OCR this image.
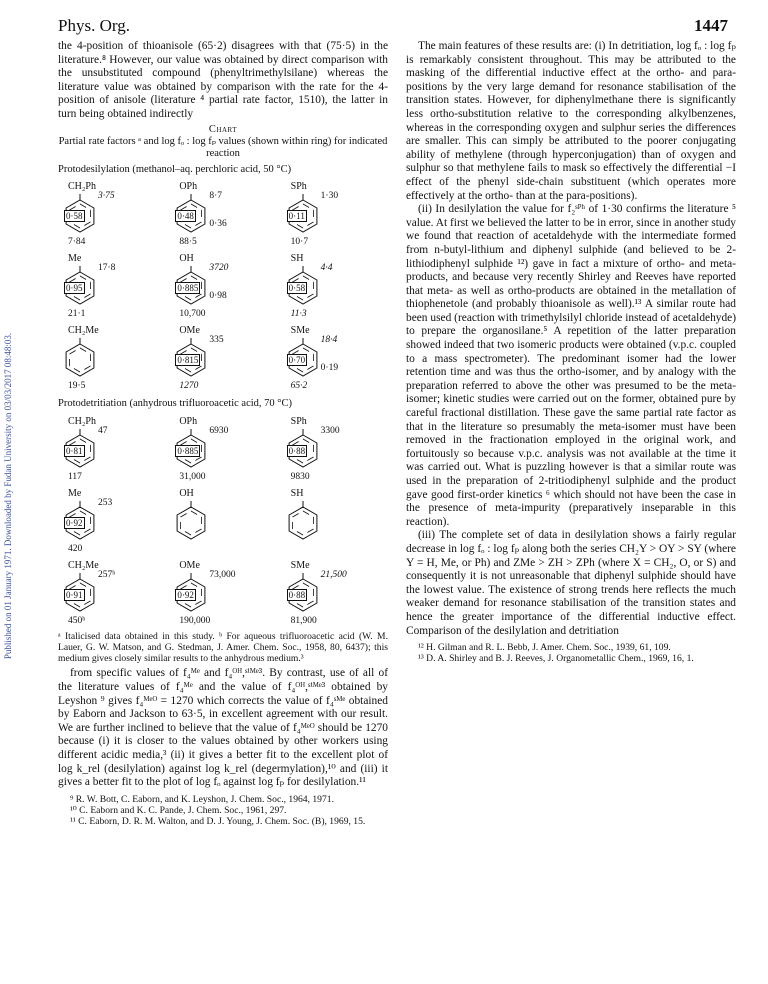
Phys. Org.	1447
Published on 01 January 1971. Downloaded by Fudan University on 03/03/2017 08:48:03.

the 4-position of thioanisole (65·2) disagrees with that (75·5) in the literature.⁸ However, our value was obtained by direct comparison with the unsubstituted compound (phenyltrimethylsilane) whereas the literature value was obtained by comparison with the rate for the 4-position of anisole (literature ⁴ partial rate factor, 1510), the latter in turn being obtained indirectly

Chart
Partial rate factors ᵃ and log fₒ : log fₚ values (shown within ring) for indicated reaction
Protodesilylation (methanol–aq. perchloric acid, 50 °C)
CH₂Ph
3·75
0·58
7·84
OPh
8·7
0·48
0·36
88·5
SPh
1·30
0·11
10·7
Me
17·8
0·95
21·1
OH
3720
0·885
0·98
10,700
SH
4·4
0·58
11·3
CH₂Me
19·5
OMe
335
0·815
1270
SMe
18·4
0·70
0·19
65·2
Protodetritiation (anhydrous trifluoroacetic acid, 70 °C)
CH₂Ph
47
0·81
117
OPh
6930
0·885
31,000
SPh
3300
0·88
9830
Me
253
0·92
420
OH	SH
CH₂Me
257ᵇ
0·91
450ᵇ
OMe
73,000
0·92
190,000
SMe
21,500
0·88
81,900
ᵃ Italicised data obtained in this study. ᵇ For aqueous trifluoroacetic acid (W. M. Lauer, G. W. Matson, and G. Stedman, J. Amer. Chem. Soc., 1958, 80, 6437); this medium gives closely similar results to the anhydrous medium.³

from specific values of f₄ᴹᵉ and f₄ᴼᴴ,ˢⁱᴹᵉ³. By contrast, use of all of the literature values of f₄ᴹᵉ and the value of f₄ᴼᴴ,ˢⁱᴹᵉ³ obtained by Leyshon ⁹ gives f₄ᴹᵉᴼ = 1270 which corrects the value of f₄ˢᴹᵉ obtained by Eaborn and Jackson to 63·5, in excellent agreement with our result. We are further inclined to believe that the value of f₄ᴹᵉᴼ should be 1270 because (i) it is closer to the values obtained by other workers using different acidic media,³ (ii) it gives a better fit to the excellent plot of log k_rel (desilylation) against log k_rel (degermylation),¹⁰ and (iii) it gives a better fit to the plot of log fₒ against log fₚ for desilylation.¹¹

⁹ R. W. Bott, C. Eaborn, and K. Leyshon, J. Chem. Soc., 1964, 1971.

¹⁰ C. Eaborn and K. C. Pande, J. Chem. Soc., 1961, 297.

¹¹ C. Eaborn, D. R. M. Walton, and D. J. Young, J. Chem. Soc. (B), 1969, 15.

The main features of these results are: (i) In detritiation, log fₒ : log fₚ is remarkably consistent throughout. This may be attributed to the masking of the differential inductive effect at the ortho- and para-positions by the very large demand for resonance stabilisation of the transition states. However, for diphenylmethane there is significantly less ortho-substitution relative to the corresponding alkylbenzenes, whereas in the corresponding oxygen and sulphur series the differences are smaller. This can simply be attributed to the poorer conjugating ability of methylene (through hyperconjugation) than of oxygen and sulphur so that methylene fails to mask so effectively the differential −I effect of the phenyl side-chain substituent (which operates more effectively at the ortho- than at the para-positions).

(ii) In desilylation the value for f₂ˢᴾʰ of 1·30 confirms the literature ⁵ value. At first we believed the latter to be in error, since in another study we found that reaction of acetaldehyde with the intermediate formed from n-butyl-lithium and diphenyl sulphide (and believed to be 2-lithiodiphenyl sulphide ¹²) gave in fact a mixture of ortho- and meta-products, and because very recently Shirley and Reeves have reported that meta- as well as ortho-products are obtained in the metallation of thiophenetole (and probably thioanisole as well).¹³ A similar route had been used (reaction with trimethylsilyl chloride instead of acetaldehyde) to prepare the organosilane.⁵ A repetition of the latter preparation showed indeed that two isomeric products were obtained (v.p.c. coupled to a mass spectrometer). The predominant isomer had the lower retention time and was thus the ortho-isomer, and by analogy with the preparation referred to above the other was presumed to be the meta-isomer; kinetic studies were carried out on the former, obtained pure by careful fractional distillation. These gave the same partial rate factor as that in the literature so presumably the meta-isomer must have been removed in the fractionation employed in the original work, and fortuitously so because v.p.c. analysis was not available at the time it was carried out. What is puzzling however is that a similar route was used in the preparation of 2-tritiodiphenyl sulphide and the product gave good first-order kinetics ⁶ which should not have been the case in the presence of meta-impurity (preparatively inseparable in this reaction).

(iii) The complete set of data in desilylation shows a fairly regular decrease in log fₒ : log fₚ along both the series CH₂Y > OY > SY (where Y = H, Me, or Ph) and ZMe > ZH > ZPh (where X = CH₂, O, or S) and consequently it is not unreasonable that diphenyl sulphide should have the lowest value. The existence of strong trends here reflects the much weaker demand for resonance stabilisation of the transition states and hence the greater importance of the differential inductive effect. Comparison of the desilylation and detritiation

¹² H. Gilman and R. L. Bebb, J. Amer. Chem. Soc., 1939, 61, 109.

¹³ D. A. Shirley and B. J. Reeves, J. Organometallic Chem., 1969, 16, 1.
